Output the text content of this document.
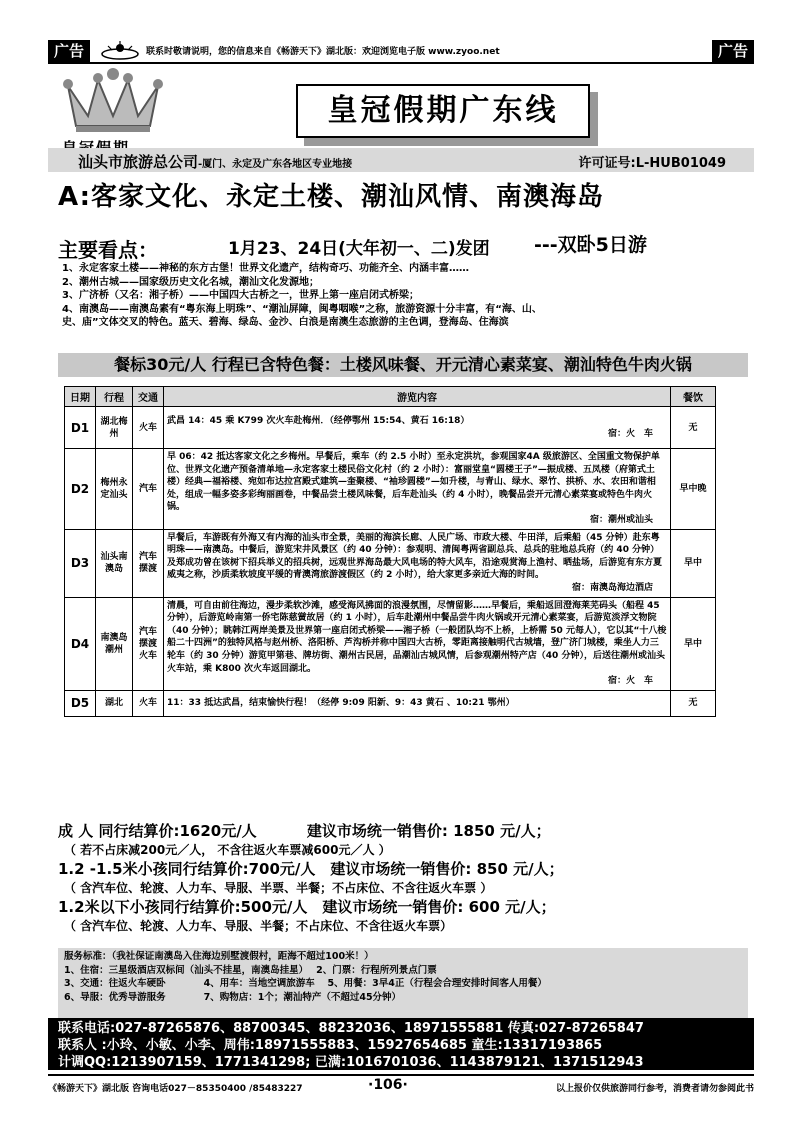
广告	联系时敬请说明，您的信息来自《畅游天下》湖北版：欢迎浏览电子版 www.zyoo.net	广告
皇冠假期广东线
汕头市旅游总公司-厦门、永定及广东各地区专业地接	许可证号:L-HUB01049
A:客家文化、永定土楼、潮汕风情、南澳海岛
主要看点：	1月23、24日(大年初一、二)发团 ---双卧5日游
1、永定客家土楼——神秘的东方古堡！世界文化遗产，结构奇巧、功能齐全、内涵丰富……
2、潮州古城——国家级历史文化名城，潮汕文化发源地；
3、广济桥（又名：湘子桥）——中国四大古桥之一，世界上第一座启闭式桥梁；
4、南澳岛——南澳岛素有“粤东海上明珠”、“潮汕屏障，闽粤咽喉”之称，旅游资源十分丰富，有“海、山、
史、庙”文体交叉的特色。蓝天、碧海、绿岛、金沙、白浪是南澳生态旅游的主色调，登海岛、住海滨
餐标30元/人 行程已含特色餐：土楼风味餐、开元清心素菜宴、潮汕特色牛肉火锅
日期	行程	交通	游览内容	餐饮
D1	湖北梅州	火车	武昌 14：45 乘 K799 次火车赴梅州．（经停鄂州 15:54、黄石 16:18）
宿：火　车	无
D2	梅州永定汕头	汽车	早 06：42 抵达客家文化之乡梅州。早餐后，乘车（约 2.5 小时）至永定洪坑，参观国家4A 级旅游区、全国重文物保护单位、世界文化遗产预备清单地—永定客家土楼民俗文化村（约 2 小时）：富丽堂皇“圆楼王子”—振成楼、五凤楼（府第式土楼）经典—福裕楼、宛如布达拉宫殿式建筑—奎聚楼、“袖珍圆楼”—如升楼，与青山、绿水、翠竹、拱桥、水、农田和谐相处，组成一幅多姿多彩绚丽画卷，中餐品尝土楼风味餐，后车赴汕头（约 4 小时），晚餐品尝开元清心素菜宴或特色牛肉火锅。
宿：潮州或汕头	早中晚
D3	汕头南澳岛	汽车摆渡	早餐后，车游既有外海又有内海的汕头市全景，美丽的海滨长廊、人民广场、市政大楼、牛田洋，后乘船（45 分钟）赴东粤明珠——南澳岛。中餐后，游览宋井风景区（约 40 分钟）：参观明、清闽粤两省副总兵、总兵的驻地总兵府（约 40 分钟）及郑成功曾在该树下招兵举义的招兵树，远观世界海岛最大风电场的特大风车，沿途观赏海上渔村、晒盐场，后游览有东方夏威夷之称，沙质柔软坡度平缓的青澳湾旅游渡假区（约 2 小时），给大家更多亲近大海的时间。
宿：南澳岛海边酒店	早中
D4	南澳岛潮州	汽车摆渡火车	清晨，可自由前往海边，漫步柔软沙滩，感受海风拂面的浪漫氛围，尽情留影……早餐后，乘船返回澄海莱芜码头（船程 45 分钟），后游览岭南第一侨宅陈慈黉故居（约 1 小时），后车赴潮州中餐品尝牛肉火锅或开元清心素菜宴，后游览淡浮文物院（40 分钟）；眺韩江两岸美景及世界第一座启闭式桥梁——湘子桥（一般团队均不上桥，上桥需 50 元每人），它以其“十八梭船二十四洲”的独特风格与赵州桥、洛阳桥、芦沟桥并称中国四大古桥，零距离接触明代古城墙，登广济门城楼，乘坐人力三轮车（约 30 分钟）游览甲第巷、牌坊街、潮州古民居，品潮汕古城风情，后参观潮州特产店（40 分钟），后送往潮州或汕头火车站，乘 K800 次火车返回湖北。
宿：火　车	早中
D5	湖北	火车	11：33 抵达武昌，结束愉快行程！（经停 9:09 阳新、9：43 黄石 、10:21 鄂州）	无
成 人 同行结算价:1620元/人　　　 建议市场统一销售价: 1850 元/人；
（ 若不占床减200元／人， 不含往返火车票减600元／人 ）
1.2 -1.5米小孩同行结算价:700元/人　建议市场统一销售价: 850 元/人；
（ 含汽车位、轮渡、人力车、导服、半票、半餐；不占床位、不含往返火车票 ）
1.2米以下小孩同行结算价:500元/人　建议市场统一销售价: 600 元/人；
（ 含汽车位、轮渡、人力车、导服、半餐；不占床位、不含往返火车票）
服务标准：（我社保证南澳岛入住海边别墅渡假村，距海不超过100米！）
1、住宿：三星级酒店双标间（汕头不挂星，南澳岛挂星）　 2、门票：行程所列景点门票
3、交通：往返火车硬卧　　　　4、用车：当地空调旅游车　 5、用餐：3早4正（行程会合理安排时间客人用餐）
6、导服：优秀导游服务　　　　7、购物店：1个；潮汕特产（不超过45分钟）
联系电话:027-87265876、88700345、88232036、18971555881 传真:027-87265847
联系人 :小玲、小敏、小李、周伟:18971555883、15927654685 童生:13317193865
计调QQ:1213907159、1771341298; 已满:1016701036、1143879121、1371512943
《畅游天下》湖北版 咨询电话027－85350400 /85483227	·106·	以上报价仅供旅游同行参考，消费者请勿参阅此书
